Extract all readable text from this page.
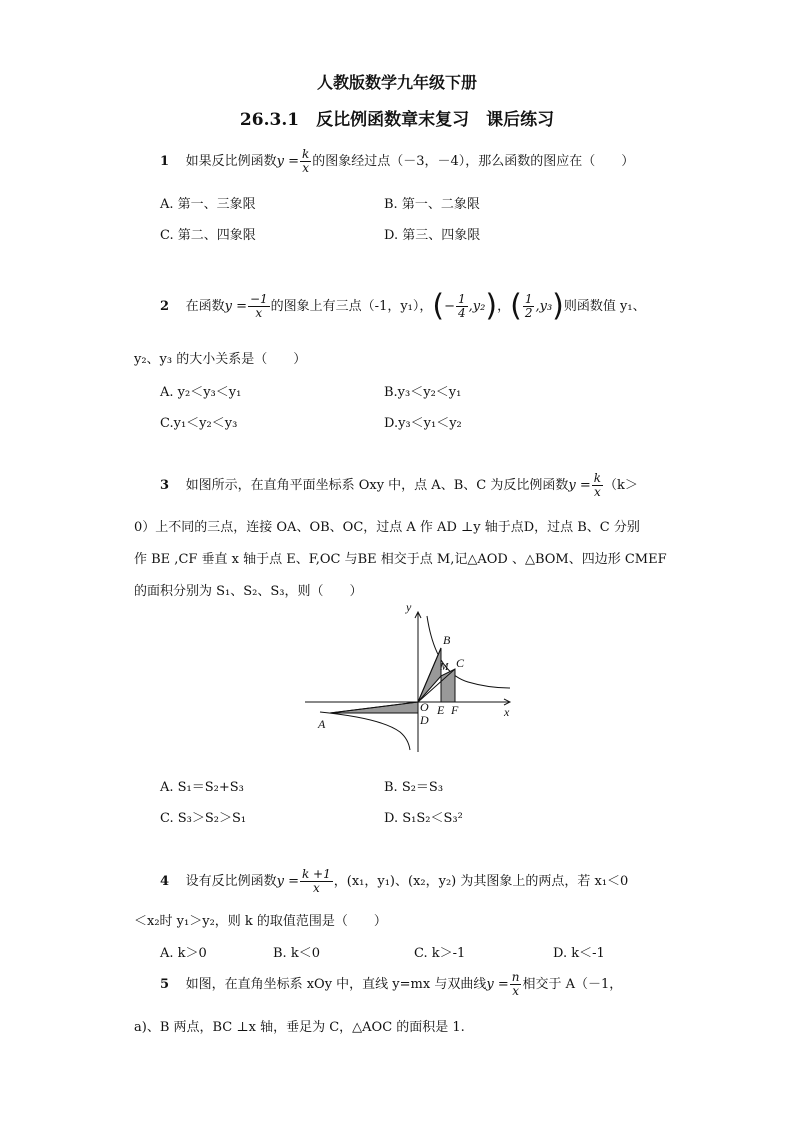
人教版数学九年级下册
26.3.1　反比例函数章末复习　课后练习
1 如果反比例函数$y = \frac{k}{x}$ 的图象经过点（－3，－4），那么函数的图应在（　　）
A. 第一、三象限	B. 第一、二象限
C. 第二、四象限	D. 第三、四象限
2 在函数$y = \frac{-1}{x}$ 的图象上有三点（-1，y₁），(− $\frac{1}{4} ,y_2$)，( $\frac{1}{2} ,y_3$)则函数值 y₁、
y₂、y₃ 的大小关系是（　　）
A. y₂＜y₃＜y₁	B.y₃＜y₂＜y₁
C.y₁＜y₂＜y₃	D.y₃＜y₁＜y₂
3 如图所示，在直角平面坐标系 Oxy 中，点 A、B、C 为反比例函数$y = \frac{k}{x} (k>$
0）上不同的三点，连接 OA、OB、OC，过点 A 作 AD ⊥y 轴于点D，过点 B、C 分别
作 BE ,CF 垂直 x 轴于点 E、F,OC 与BE 相交于点 M,记△AOD 、△BOM、四边形 CMEF
的面积分别为 S₁、S₂、S₃，则（　　）
y
x
B
M C
O E F
D
A
A. S₁＝S₂+S₃	B. S₂＝S₃
C. S₃＞S₂＞S₁	D. S₁S₂＜S₃²
4 设有反比例函数$y = \frac{k +1}{x}$ ，(x₁，y₁)、(x₂，y₂) 为其图象上的两点，若 x₁＜0
＜x₂时 y₁＞y₂，则 k 的取值范围是（　　）
A. k＞0	B. k＜0	C. k＞-1	D. k＜-1
5 如图，在直角坐标系 xOy 中，直线 y=mx 与双曲线$y = \frac{n}{x}$ 相交于 A（－1，
a)、B 两点，BC ⊥x 轴，垂足为 C，△AOC 的面积是 1.
